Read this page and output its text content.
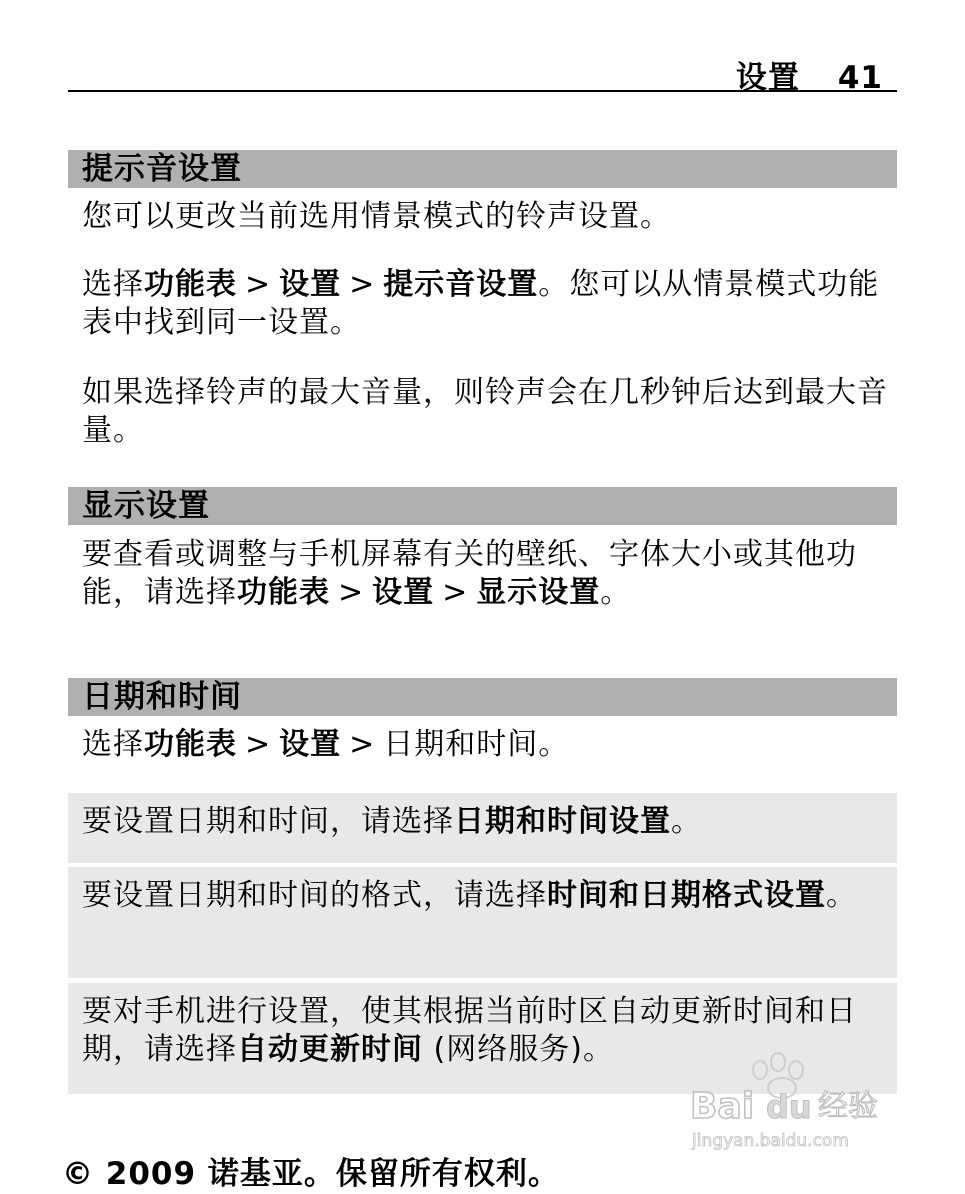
设置 41
提示音设置
您可以更改当前选用情景模式的铃声设置。
选择功能表 > 设置 > 提示音设置。您可以从情景模式功能表中找到同一设置。
如果选择铃声的最大音量，则铃声会在几秒钟后达到最大音量。
显示设置
要查看或调整与手机屏幕有关的壁纸、字体大小或其他功能，请选择功能表 > 设置 > 显示设置。
日期和时间
选择功能表 > 设置 > 日期和时间。
要设置日期和时间，请选择日期和时间设置。
要设置日期和时间的格式，请选择时间和日期格式设置。
要对手机进行设置，使其根据当前时区自动更新时间和日期，请选择自动更新时间 (网络服务)。
© 2009 诺基亚。保留所有权利。
Bai du 经验
jingyan.baidu.com
